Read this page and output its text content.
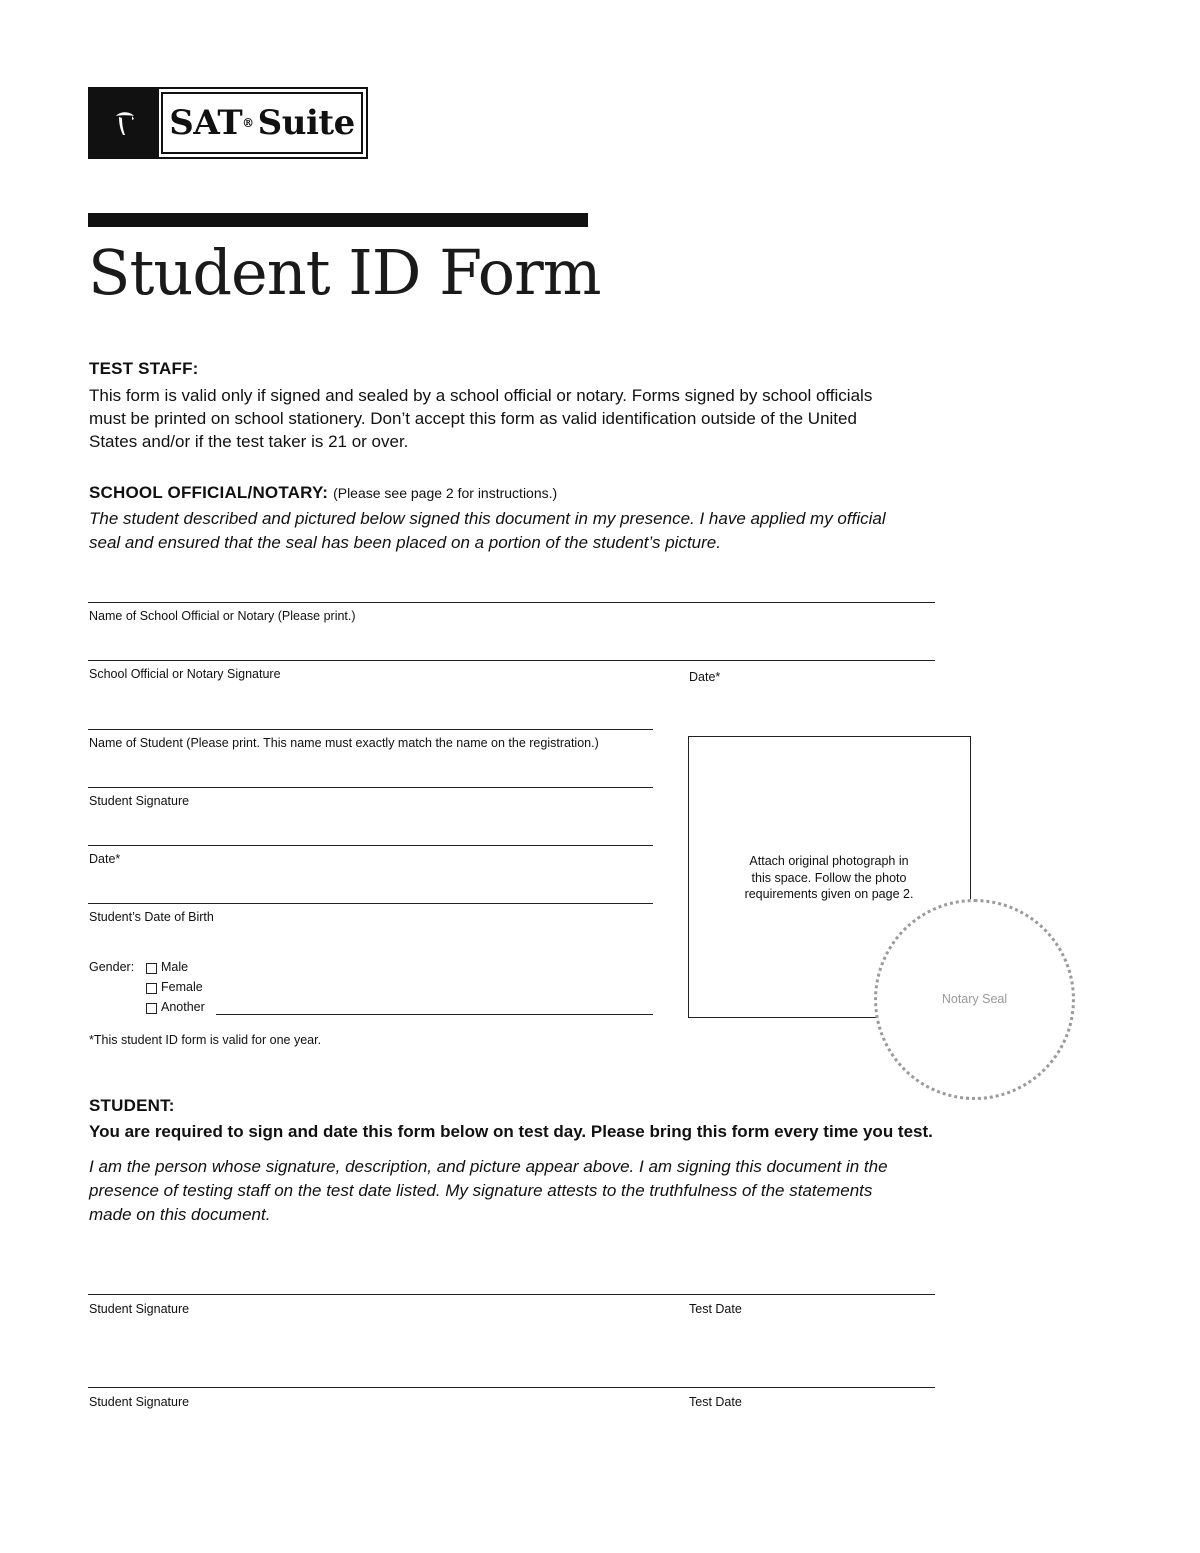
SAT ® Suite
Student ID Form
TEST STAFF:
This form is valid only if signed and sealed by a school official or notary. Forms signed by school officials
must be printed on school stationery. Don’t accept this form as valid identification outside of the United
States and/or if the test taker is 21 or over.
SCHOOL OFFICIAL/NOTARY: (Please see page 2 for instructions.)
The student described and pictured below signed this document in my presence. I have applied my official
seal and ensured that the seal has been placed on a portion of the student’s picture.
Name of School Official or Notary (Please print.)
School Official or Notary Signature	Date*
Name of Student (Please print. This name must exactly match the name on the registration.)
Student Signature
Date*
Student’s Date of Birth
Gender: Male
Female
Another
*This student ID form is valid for one year.
Attach original photograph in
this space. Follow the photo
requirements given on page 2.
Notary Seal
STUDENT:
You are required to sign and date this form below on test day. Please bring this form every time you test.
I am the person whose signature, description, and picture appear above. I am signing this document in the
presence of testing staff on the test date listed. My signature attests to the truthfulness of the statements
made on this document.
Student Signature	Test Date
Student Signature	Test Date
